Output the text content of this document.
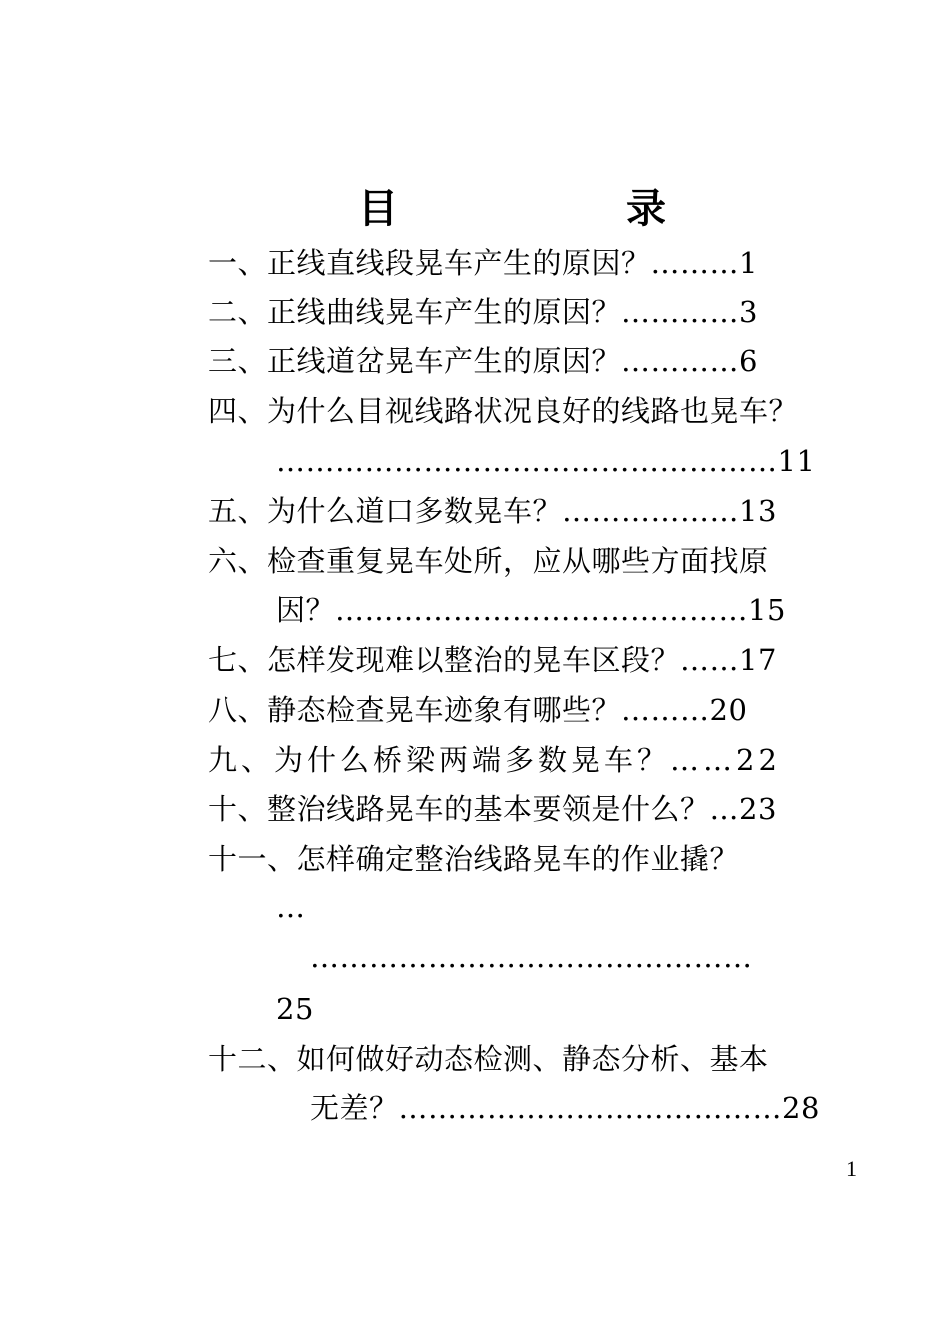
目	录
一、正线直线段晃车产生的原因？………1
二、正线曲线晃车产生的原因？…………3
三、正线道岔晃车产生的原因？…………6
四、为什么目视线路状况良好的线路也晃车？
……………………………………………11
五、为什么道口多数晃车？………………13
六、检查重复晃车处所，应从哪些方面找原
因？……………………………………15
七、怎样发现难以整治的晃车区段？……17
八、静态检查晃车迹象有哪些？………20
九、为什么桥梁两端多数晃车？……22
十、整治线路晃车的基本要领是什么？…23
十一、怎样确定整治线路晃车的作业撬？
…
………………………………………
25
十二、如何做好动态检测、静态分析、基本
无差？…………………………………28
1
